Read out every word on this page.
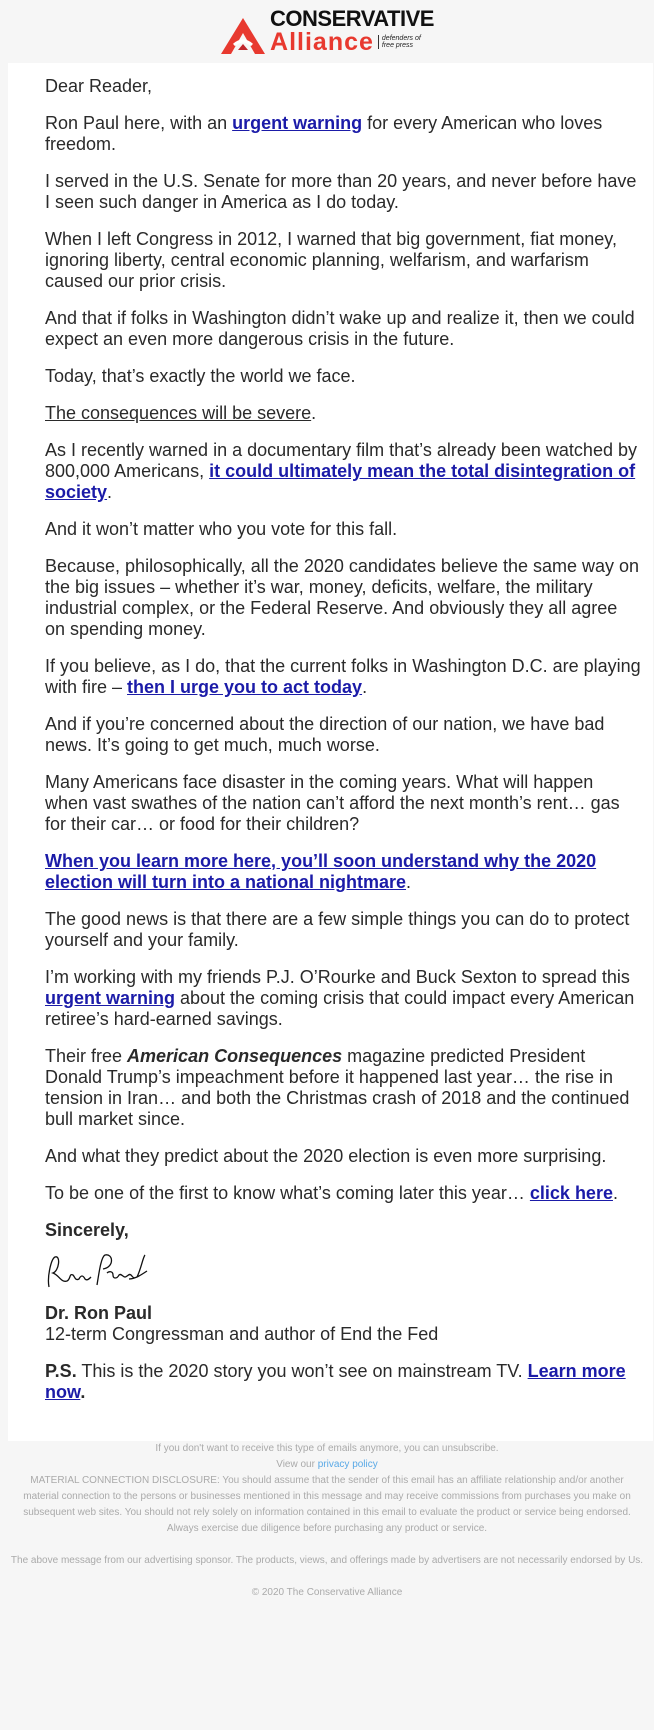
CONSERVATIVE
Alliance	defenders of
free press

Dear Reader,

Ron Paul here, with an urgent warning for every American who loves freedom.

I served in the U.S. Senate for more than 20 years, and never before have I seen such danger in America as I do today.

When I left Congress in 2012, I warned that big government, fiat money, ignoring liberty, central economic planning, welfarism, and warfarism caused our prior crisis.

And that if folks in Washington didn’t wake up and realize it, then we could expect an even more dangerous crisis in the future.

Today, that’s exactly the world we face.

The consequences will be severe.

As I recently warned in a documentary film that’s already been watched by 800,000 Americans, it could ultimately mean the total disintegration of society.

And it won’t matter who you vote for this fall.

Because, philosophically, all the 2020 candidates believe the same way on the big issues – whether it’s war, money, deficits, welfare, the military industrial complex, or the Federal Reserve. And obviously they all agree on spending money.

If you believe, as I do, that the current folks in Washington D.C. are playing with fire – then I urge you to act today.

And if you’re concerned about the direction of our nation, we have bad news. It’s going to get much, much worse.

Many Americans face disaster in the coming years. What will happen when vast swathes of the nation can’t afford the next month’s rent… gas for their car… or food for their children?

When you learn more here, you’ll soon understand why the 2020 election will turn into a national nightmare.

The good news is that there are a few simple things you can do to protect yourself and your family.

I’m working with my friends P.J. O’Rourke and Buck Sexton to spread this urgent warning about the coming crisis that could impact every American retiree’s hard-earned savings.

Their free American Consequences magazine predicted President Donald Trump’s impeachment before it happened last year… the rise in tension in Iran… and both the Christmas crash of 2018 and the continued bull market since.

And what they predict about the 2020 election is even more surprising.

To be one of the first to know what’s coming later this year… click here.

Sincerely,

Dr. Ron Paul
12-term Congressman and author of End the Fed

P.S. This is the 2020 story you won’t see on mainstream TV. Learn more now.

If you don't want to receive this type of emails anymore, you can unsubscribe.

View our privacy policy

MATERIAL CONNECTION DISCLOSURE: You should assume that the sender of this email has an affiliate relationship and/or another material connection to the persons or businesses mentioned in this message and may receive commissions from purchases you make on subsequent web sites. You should not rely solely on information contained in this email to evaluate the product or service being endorsed. Always exercise due diligence before purchasing any product or service.

The above message from our advertising sponsor. The products, views, and offerings made by advertisers are not necessarily endorsed by Us.

© 2020 The Conservative Alliance
